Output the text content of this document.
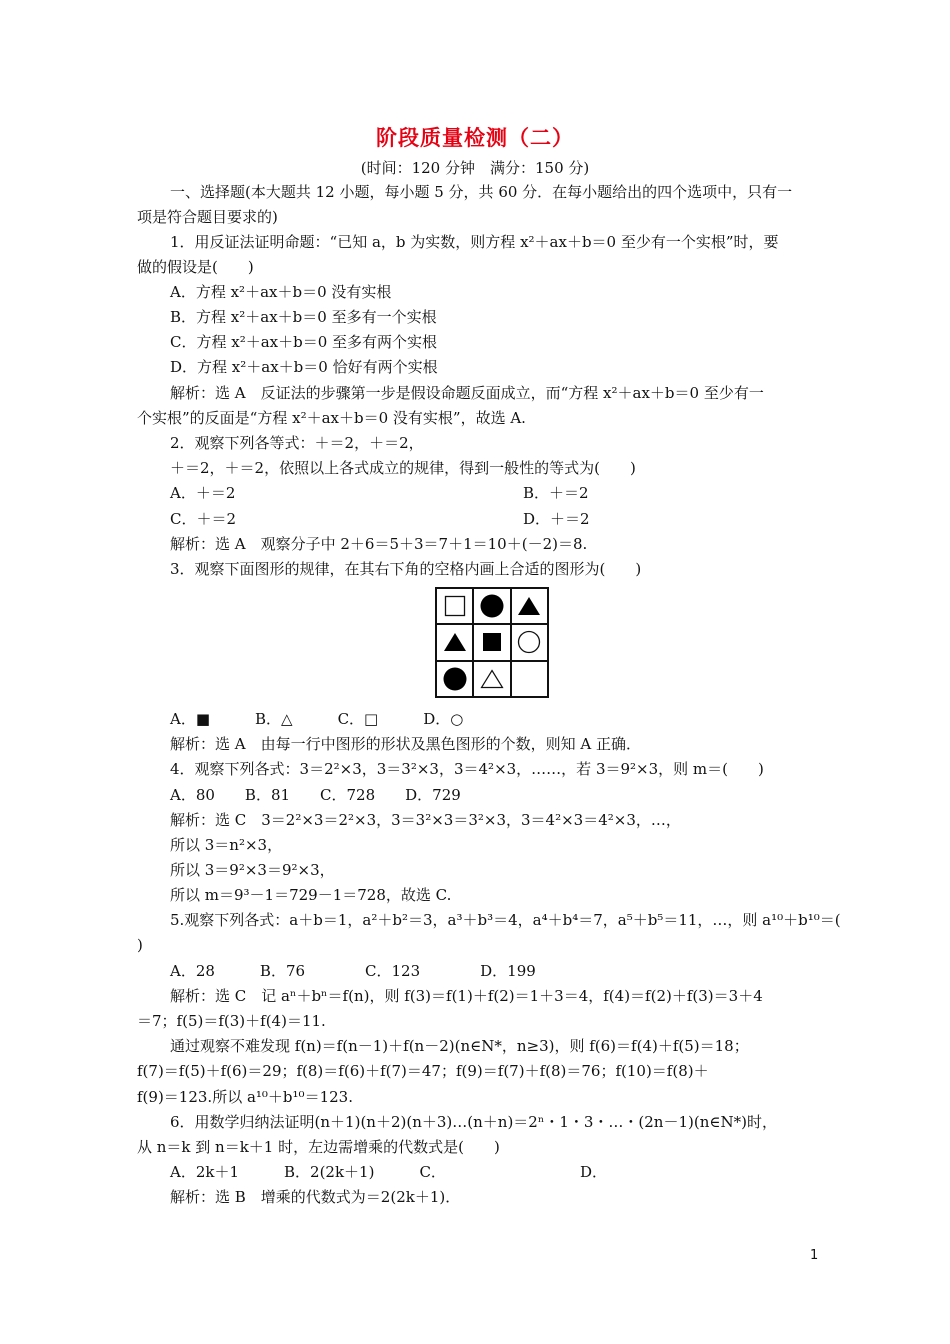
阶段质量检测（二）
(时间：120 分钟　满分：150 分)
一、选择题(本大题共 12 小题，每小题 5 分，共 60 分．在每小题给出的四个选项中，只有一
项是符合题目要求的)
1．用反证法证明命题：“已知 a，b 为实数，则方程 x²＋ax＋b＝0 至少有一个实根”时，要
做的假设是(　　)
A．方程 x²＋ax＋b＝0 没有实根
B．方程 x²＋ax＋b＝0 至多有一个实根
C．方程 x²＋ax＋b＝0 至多有两个实根
D．方程 x²＋ax＋b＝0 恰好有两个实根
解析：选 A　反证法的步骤第一步是假设命题反面成立，而“方程 x²＋ax＋b＝0 至少有一
个实根”的反面是“方程 x²＋ax＋b＝0 没有实根”，故选 A.
2．观察下列各等式：＋＝2，＋＝2，
＋＝2，＋＝2，依照以上各式成立的规律，得到一般性的等式为(　　)
A．＋＝2	B．＋＝2
C．＋＝2	D．＋＝2
解析：选 A　观察分子中 2＋6＝5＋3＝7＋1＝10＋(－2)＝8.
3．观察下面图形的规律，在其右下角的空格内画上合适的图形为(　　)
A．■　　　B．△　　　C．□　　　D．○
解析：选 A　由每一行中图形的形状及黑色图形的个数，则知 A 正确．
4．观察下列各式：3＝2²×3，3＝3²×3，3＝4²×3，……，若 3＝9²×3，则 m＝(　　)
A．80　　B．81　　C．728　　D．729
解析：选 C　3＝2²×3＝2²×3，3＝3²×3＝3²×3，3＝4²×3＝4²×3，…，
所以 3＝n²×3，
所以 3＝9²×3＝9²×3，
所以 m＝9³－1＝729－1＝728，故选 C.
5.观察下列各式：a＋b＝1，a²＋b²＝3，a³＋b³＝4，a⁴＋b⁴＝7，a⁵＋b⁵＝11，…，则 a¹⁰＋b¹⁰＝(
)
A．28　　　B．76　　　　C．123　　　　D．199
解析：选 C　记 aⁿ＋bⁿ＝f(n)，则 f(3)＝f(1)＋f(2)＝1＋3＝4，f(4)＝f(2)＋f(3)＝3＋4
＝7；f(5)＝f(3)＋f(4)＝11.
通过观察不难发现 f(n)＝f(n－1)＋f(n－2)(n∈N*，n≥3)，则 f(6)＝f(4)＋f(5)＝18；
f(7)＝f(5)＋f(6)＝29；f(8)＝f(6)＋f(7)＝47；f(9)＝f(7)＋f(8)＝76；f(10)＝f(8)＋
f(9)＝123.所以 a¹⁰＋b¹⁰＝123.
6．用数学归纳法证明(n＋1)(n＋2)(n＋3)…(n＋n)＝2ⁿ・1・3・…・(2n－1)(n∈N*)时，
从 n＝k 到 n＝k＋1 时，左边需增乘的代数式是(　　)
A．2k＋1　　　B．2(2k＋1)　　　C．	D．
解析：选 B　增乘的代数式为＝2(2k＋1)．
1
